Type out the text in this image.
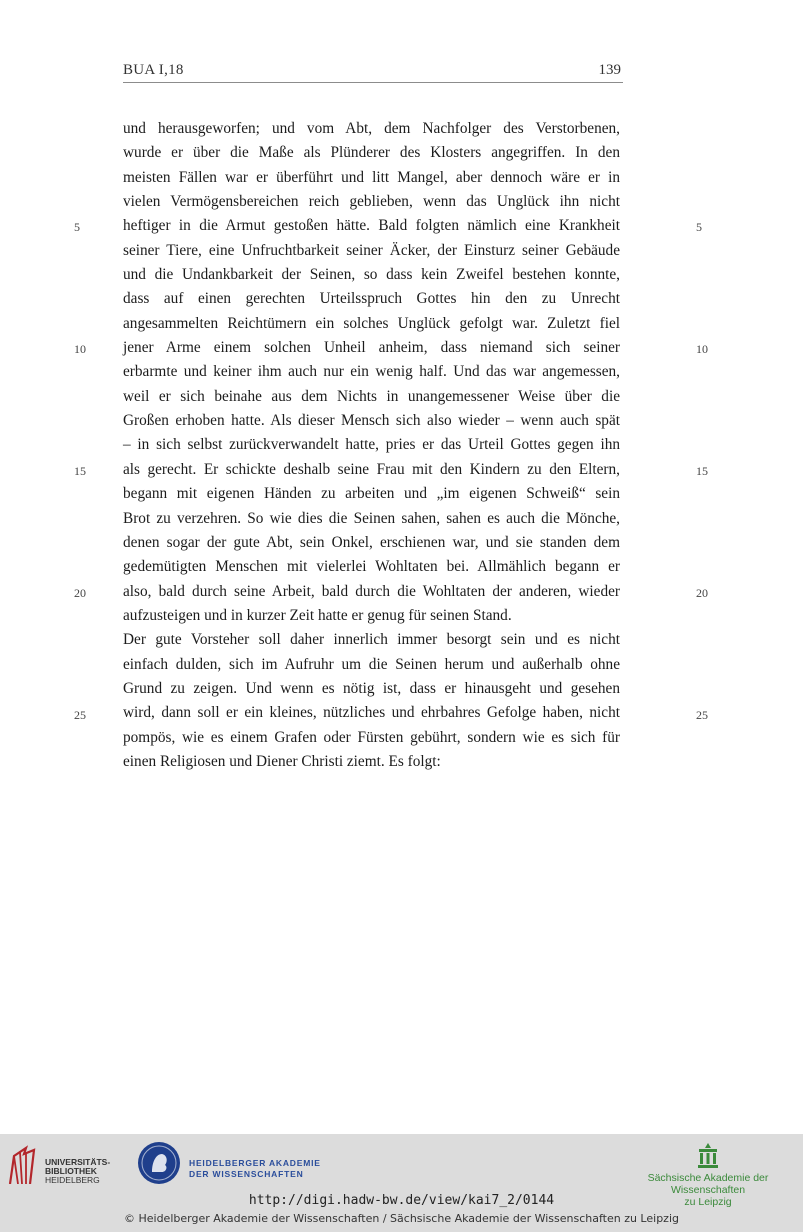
BUA I,18	139
und herausgeworfen; und vom Abt, dem Nachfolger des Verstorbenen,
wurde er über die Maße als Plünderer des Klosters angegriffen. In den
meisten Fällen war er überführt und litt Mangel, aber dennoch wäre er in
vielen Vermögensbereichen reich geblieben, wenn das Unglück ihn nicht
heftiger in die Armut gestoßen hätte. Bald folgten nämlich eine Krankheit
seiner Tiere, eine Unfruchtbarkeit seiner Äcker, der Einsturz seiner Gebäude
und die Undankbarkeit der Seinen, so dass kein Zweifel bestehen konnte,
dass auf einen gerechten Urteilsspruch Gottes hin den zu Unrecht
angesammelten Reichtümern ein solches Unglück gefolgt war. Zuletzt fiel
jener Arme einem solchen Unheil anheim, dass niemand sich seiner
erbarmte und keiner ihm auch nur ein wenig half. Und das war angemessen,
weil er sich beinahe aus dem Nichts in unangemessener Weise über die
Großen erhoben hatte. Als dieser Mensch sich also wieder – wenn auch spät
– in sich selbst zurückverwandelt hatte, pries er das Urteil Gottes gegen ihn
als gerecht. Er schickte deshalb seine Frau mit den Kindern zu den Eltern,
begann mit eigenen Händen zu arbeiten und „im eigenen Schweiß“ sein
Brot zu verzehren. So wie dies die Seinen sahen, sahen es auch die Mönche,
denen sogar der gute Abt, sein Onkel, erschienen war, und sie standen dem
gedemütigten Menschen mit vielerlei Wohltaten bei. Allmählich begann er
also, bald durch seine Arbeit, bald durch die Wohltaten der anderen, wieder
aufzusteigen und in kurzer Zeit hatte er genug für seinen Stand.
Der gute Vorsteher soll daher innerlich immer besorgt sein und es nicht
einfach dulden, sich im Aufruhr um die Seinen herum und außerhalb ohne
Grund zu zeigen. Und wenn es nötig ist, dass er hinausgeht und gesehen
wird, dann soll er ein kleines, nützliches und ehrbahres Gefolge haben, nicht
pompös, wie es einem Grafen oder Fürsten gebührt, sondern wie es sich für
einen Religiosen und Diener Christi ziemt. Es folgt:
5	5
10	10
15	15
20	20
25	25
UNIVERSITÄTS-
BIBLIOTHEK
HEIDELBERG
HEIDELBERGER AKADEMIE
DER WISSENSCHAFTEN	Sächsische Akademie der Wissenschaften
zu Leipzig
http://digi.hadw-bw.de/view/kai7_2/0144
© Heidelberger Akademie der Wissenschaften / Sächsische Akademie der Wissenschaften zu Leipzig
